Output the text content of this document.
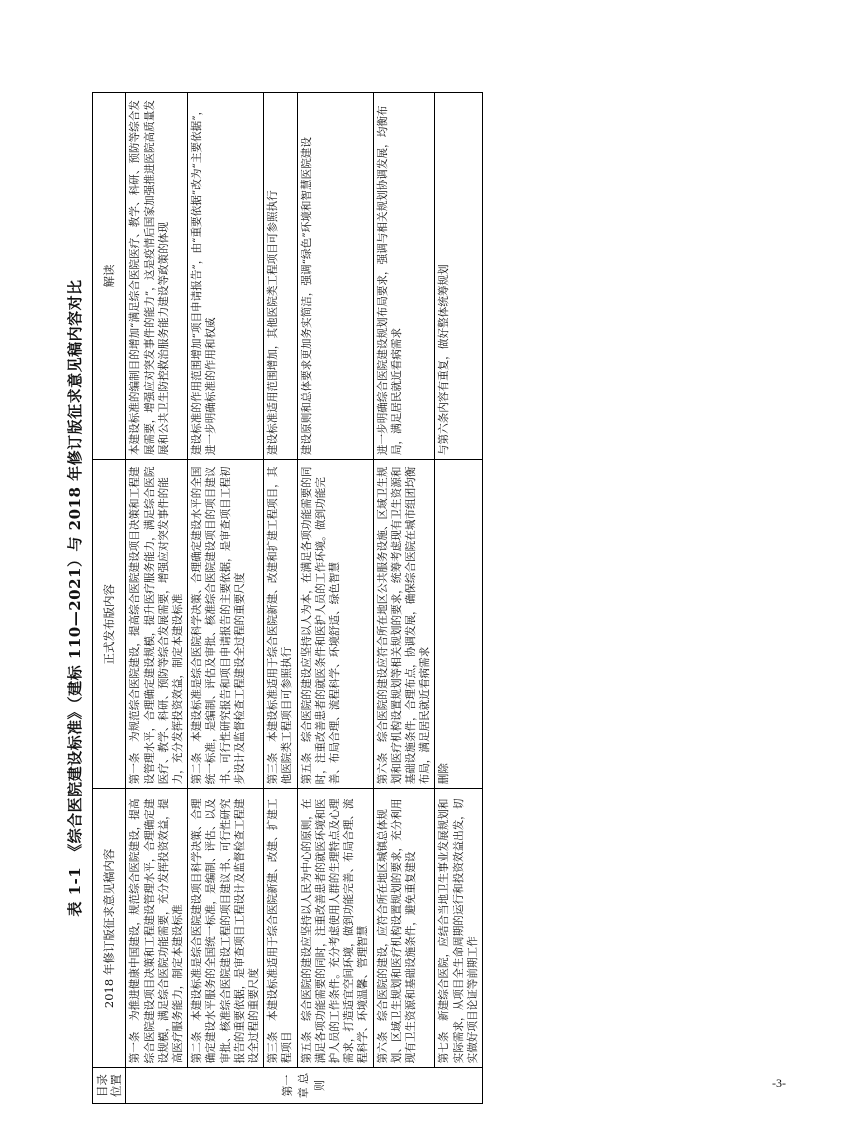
表 1-1　《综合医院建设标准》（建标 110—2021）与 2018 年修订版征求意见稿内容对比
目录位置	2018 年修订版征求意见稿内容	正式发布版内容	解读
第一章 总则	第一条　为推进健康中国建设，规范综合医院建设，提高综合医院建设项目决策和工程建设管理水平，合理确定建设规模，满足综合医院功能需要，充分发挥投资效益，提高医疗服务能力，制定本建设标准	第一条　为规范综合医院建设，提高综合医院建设项目决策和工程建设管理水平，合理确定建设规模，提升医疗服务能力，满足综合医院医疗、教学、科研、预防等综合发展需要，增强应对突发事件的能力，充分发挥投资效益，制定本建设标准	本建设标准的编制目的增加“满足综合医院医疗、教学、科研、预防等综合发展需要，增强应对突发事件的能力”，这是疫情后国家加强推进医院高质量发展和公共卫生防控救治服务能力建设等政策的体现
	第二条　本建设标准是综合医院建设项目科学决策、合理确定建设水平服务的全国统一标准，是编制、评估、以及审批、核准综合医院建设工程的项目建议书、可行性研究报告的重要依据，是审查项目工程设计及监督检查工程建设全过程的重要尺度	第二条　本建设标准是综合医院科学决策、合理确定建设水平的全国统一标准，是编制、评估及审批、核准综合医院建设项目的项目建议书、可行性研究报告和项目申请报告的主要依据，是审查项目工程初步设计及监督检查工程建设全过程的重要尺度	建设标准的作用范围增加“项目申请报告”，由“重要依据”改为“主要依据”，进一步明确标准的作用和权威
	第三条　本建设标准适用于综合医院新建、改建、扩建工程项目	第三条　本建设标准适用于综合医院新建、改建和扩建工程项目，其他医院类工程项目可参照执行	建设标准适用范围增加，其他医院类工程项目可参照执行
	第五条　综合医院的建设应坚持以人民为中心的原则，在满足各项功能需要的同时，注重改善患者的就医环境和医护人员的工作条件。充分考虑使用人群的生理特点及心理需求，打造适宜空间环境，做到功能完善、布局合理、流程科学、环境温馨、管理智慧	第五条　综合医院的建设应坚持以人为本，在满足各项功能需要的同时，注重改善患者的就医条件和医护人员的工作环境。做到功能完善、布局合理、流程科学、环境舒适、绿色智慧	建设原则和总体要求更加务实简洁，强调“绿色”环境和智慧医院建设
	第六条　综合医院的建设，应符合所在地区城镇总体规划、区域卫生规划和医疗机构设置规划的要求，充分利用现有卫生资源和基础设施条件，避免重复建设	第六条　综合医院的建设应符合所在地区公共服务设施、区域卫生规划和医疗机构设置规划等相关规划的要求，统筹考虑现有卫生资源和基础设施条件，合理布点，协调发展，确保综合医院在城市组团均衡布局，满足居民就近看病需求	进一步明确综合医院建设规划布局要求，强调与相关规划协调发展，均衡布局，满足居民就近看病需求
	第七条　新建综合医院，应结合当地卫生事业发展规划和实际需求，从项目全生命周期的运行和投资效益出发，切实做好项目论证等前期工作	删除	与第六条内容有重复，做好整体统筹规划
-3-
